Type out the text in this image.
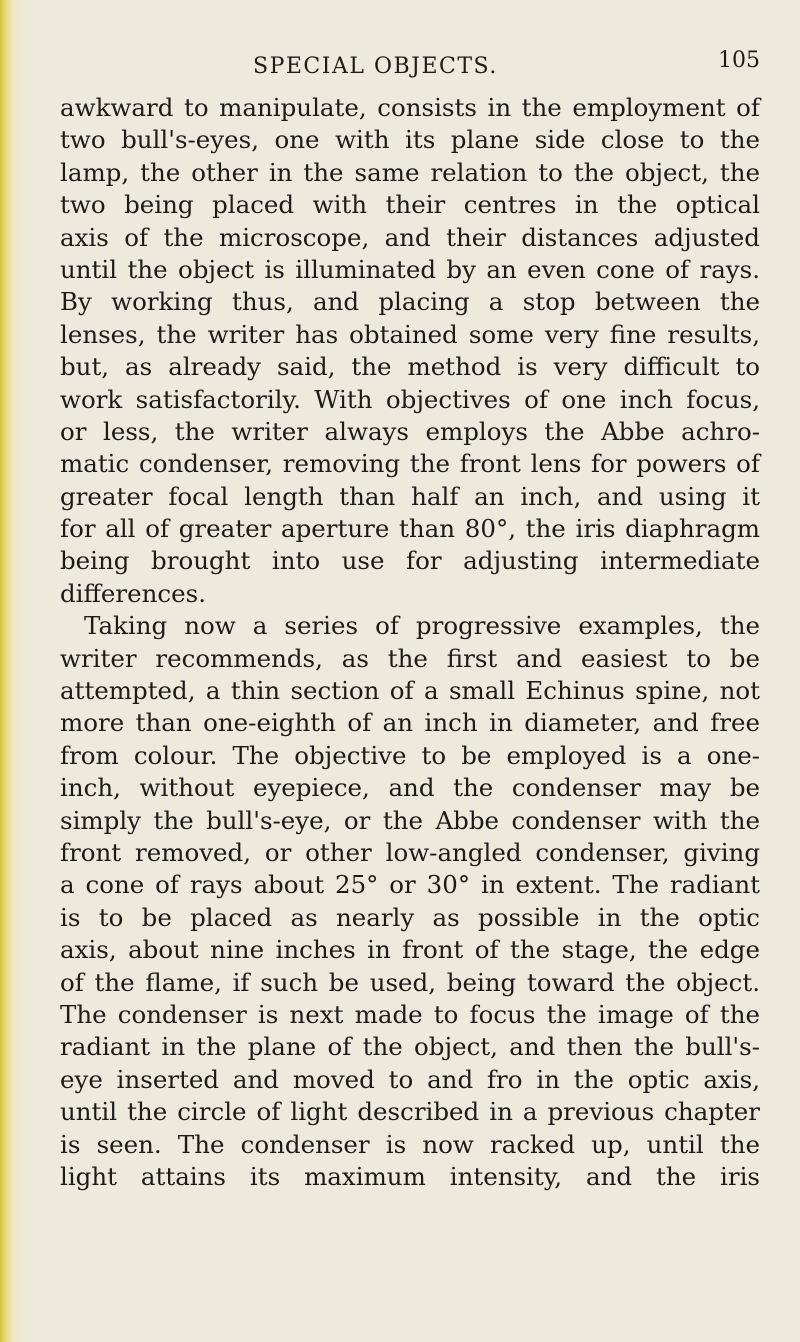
SPECIAL OBJECTS.	105
awkward to manipulate, consists in the employment of
two bull's-eyes, one with its plane side close to the
lamp, the other in the same relation to the object, the
two being placed with their centres in the optical
axis of the microscope, and their distances adjusted
until the object is illuminated by an even cone of rays.
By working thus, and placing a stop between the
lenses, the writer has obtained some very fine results,
but, as already said, the method is very difficult to
work satisfactorily. With objectives of one inch focus,
or less, the writer always employs the Abbe achro-
matic condenser, removing the front lens for powers of
greater focal length than half an inch, and using it
for all of greater aperture than 80°, the iris diaphragm
being brought into use for adjusting intermediate
differences.
Taking now a series of progressive examples, the
writer recommends, as the first and easiest to be
attempted, a thin section of a small Echinus spine, not
more than one-eighth of an inch in diameter, and free
from colour. The objective to be employed is a one-
inch, without eyepiece, and the condenser may be
simply the bull's-eye, or the Abbe condenser with the
front removed, or other low-angled condenser, giving
a cone of rays about 25° or 30° in extent. The radiant
is to be placed as nearly as possible in the optic
axis, about nine inches in front of the stage, the edge
of the flame, if such be used, being toward the object.
The condenser is next made to focus the image of the
radiant in the plane of the object, and then the bull's-
eye inserted and moved to and fro in the optic axis,
until the circle of light described in a previous chapter
is seen. The condenser is now racked up, until the
light attains its maximum intensity, and the iris
